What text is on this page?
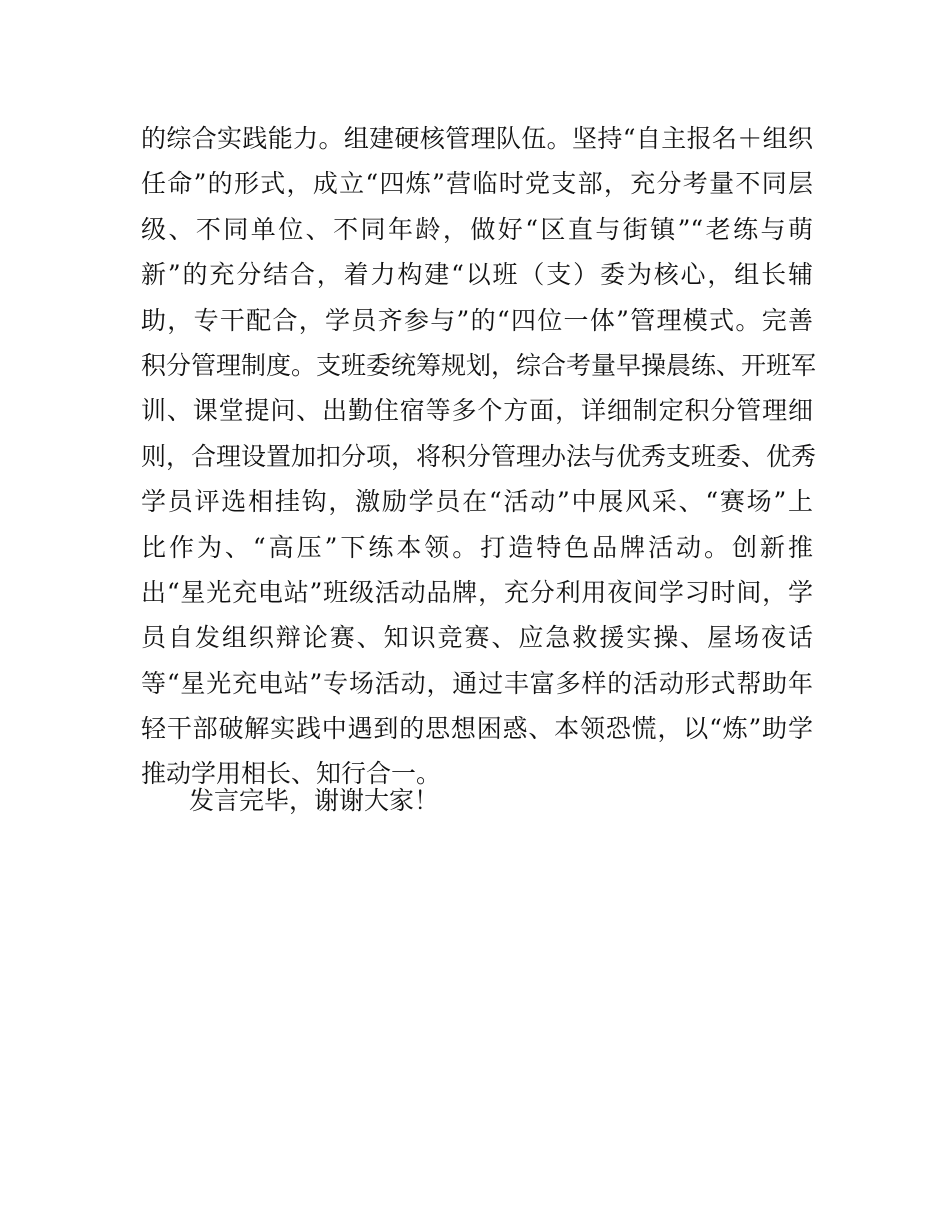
的综合实践能力。组建硬核管理队伍。坚持“自主报名＋组织
任命”的形式，成立“四炼”营临时党支部，充分考量不同层
级、不同单位、不同年龄，做好“区直与街镇”“老练与萌
新”的充分结合，着力构建“以班（支）委为核心，组长辅
助，专干配合，学员齐参与”的“四位一体”管理模式。完善
积分管理制度。支班委统筹规划，综合考量早操晨练、开班军
训、课堂提问、出勤住宿等多个方面，详细制定积分管理细
则，合理设置加扣分项，将积分管理办法与优秀支班委、优秀
学员评选相挂钩，激励学员在“活动”中展风采、“赛场”上
比作为、“高压”下练本领。打造特色品牌活动。创新推
出“星光充电站”班级活动品牌，充分利用夜间学习时间，学
员自发组织辩论赛、知识竞赛、应急救援实操、屋场夜话
等“星光充电站”专场活动，通过丰富多样的活动形式帮助年
轻干部破解实践中遇到的思想困惑、本领恐慌，以“炼”助学
推动学用相长、知行合一。

发言完毕，谢谢大家！
